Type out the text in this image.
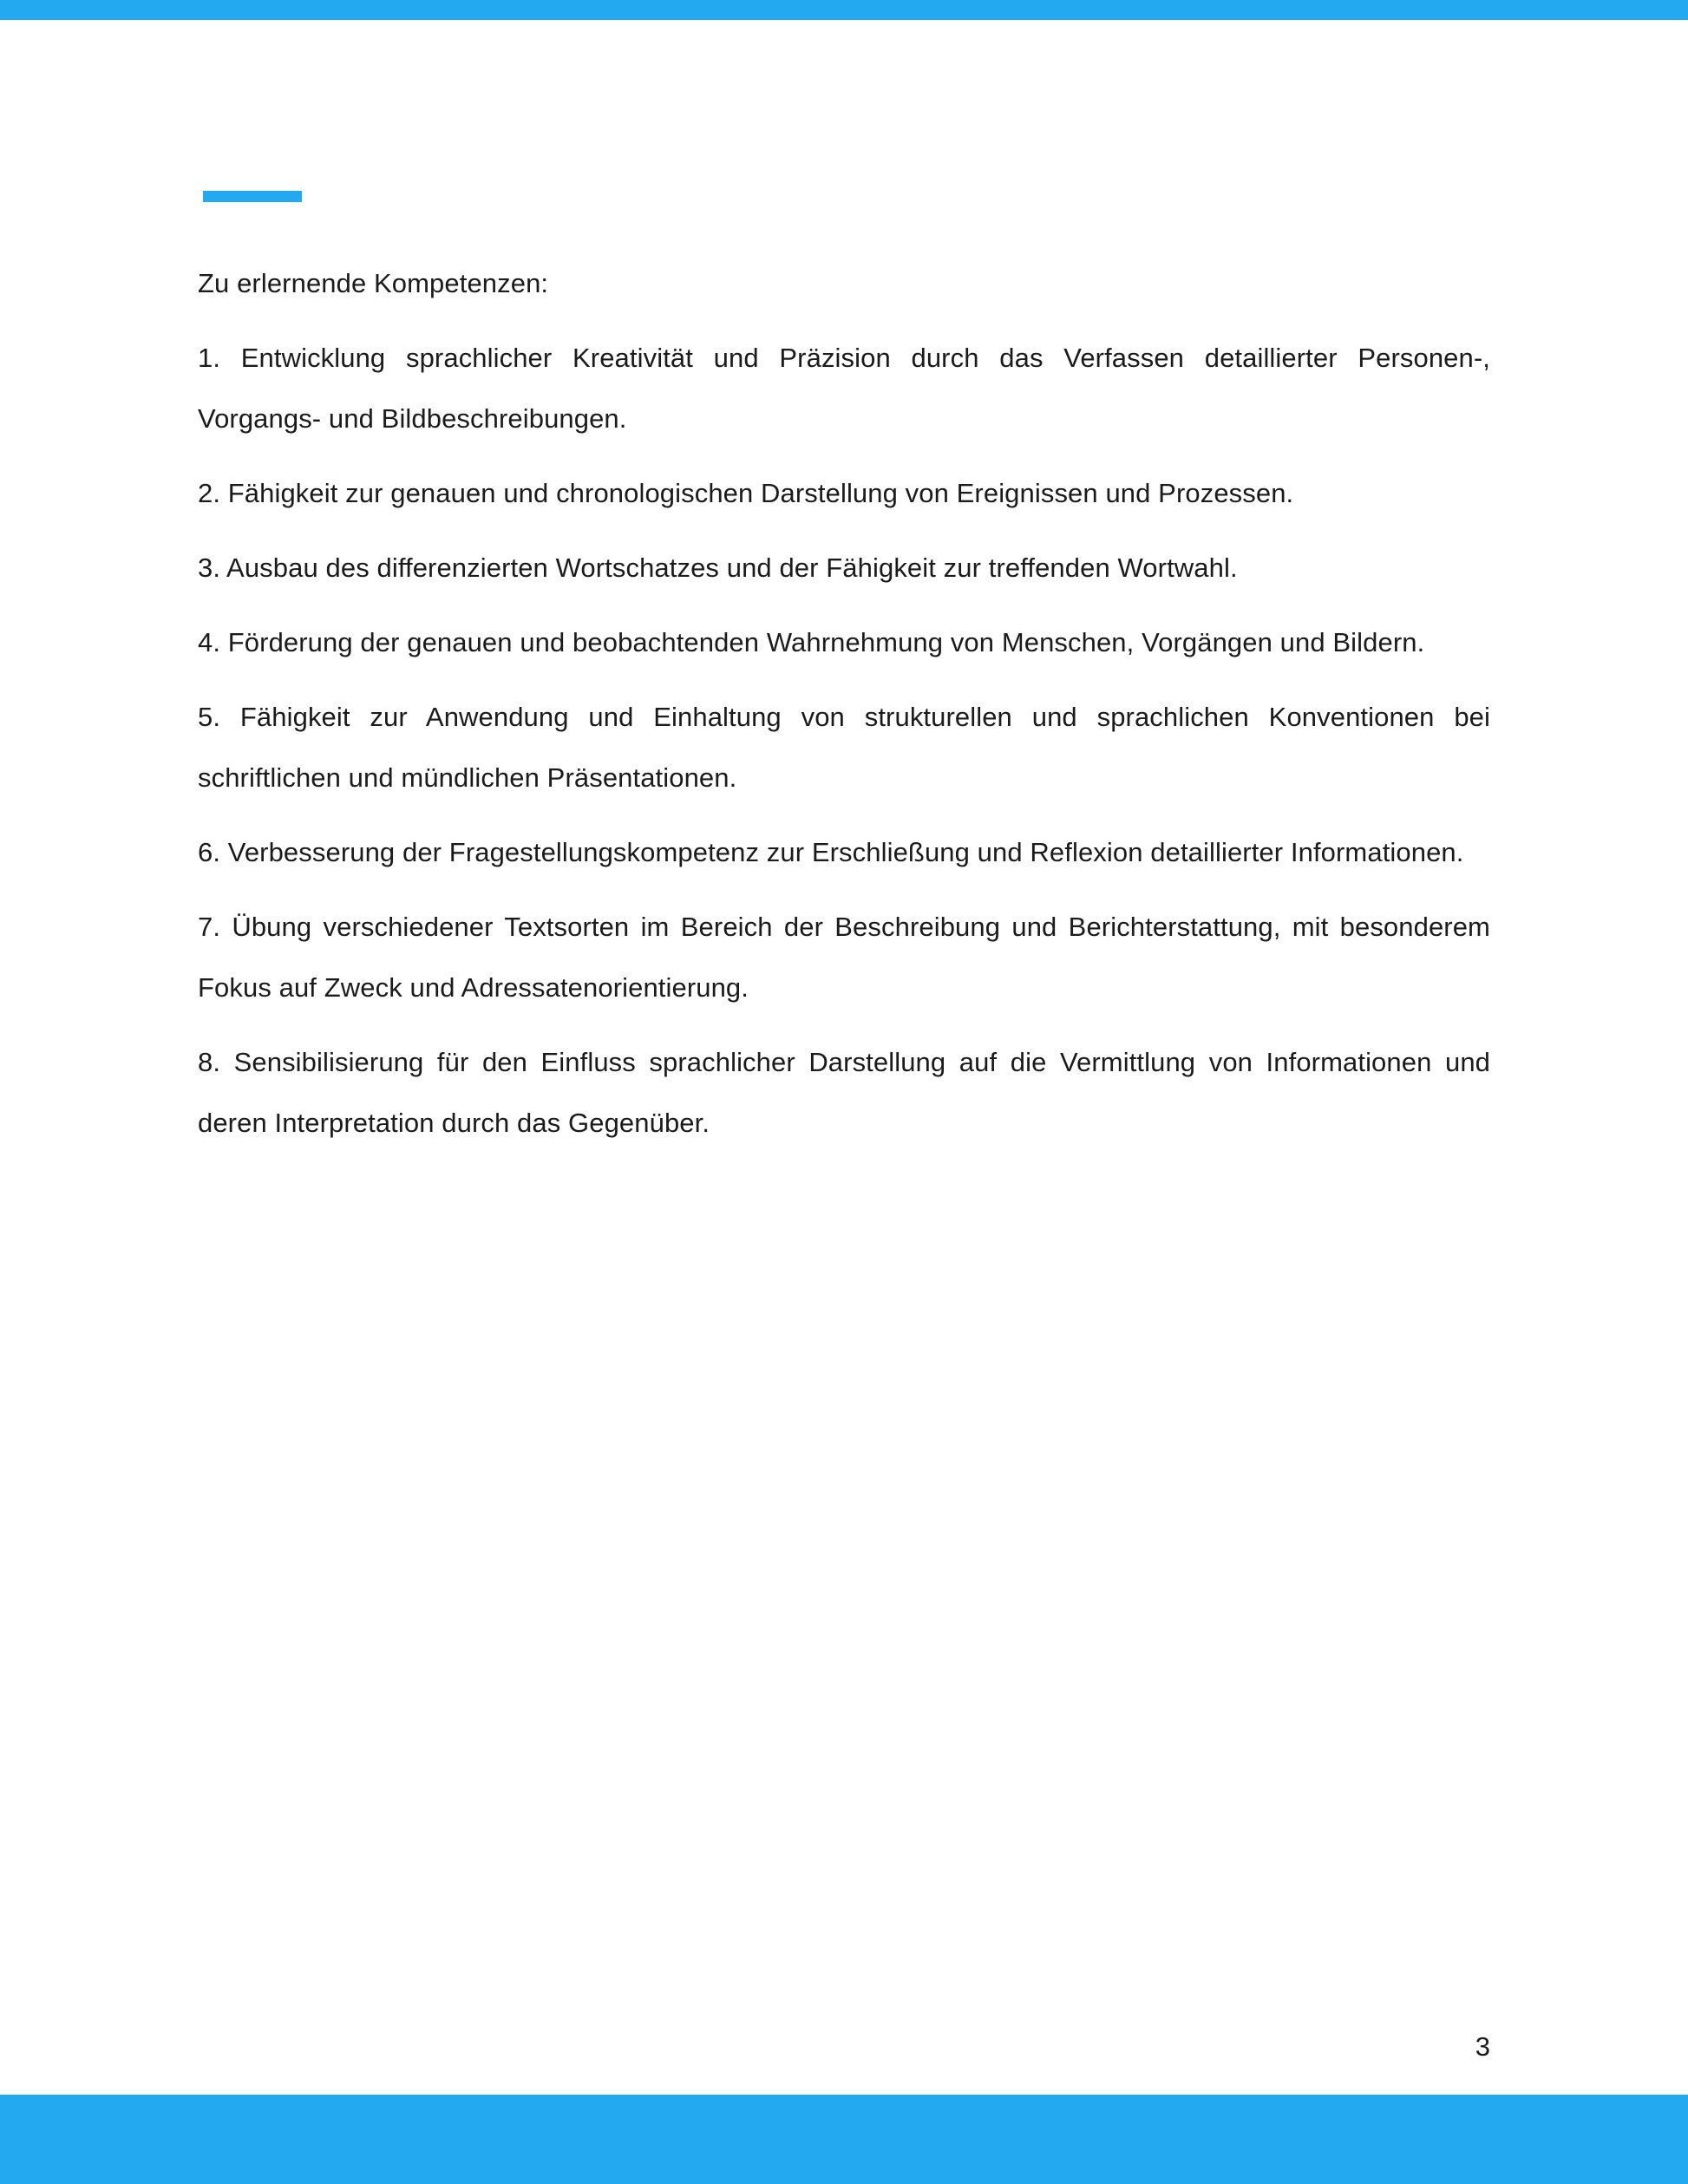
Zu erlernende Kompetenzen:

1. Entwicklung sprachlicher Kreativität und Präzision durch das Verfassen detaillierter Personen-, Vorgangs- und Bildbeschreibungen.

2. Fähigkeit zur genauen und chronologischen Darstellung von Ereignissen und Prozessen.

3. Ausbau des differenzierten Wortschatzes und der Fähigkeit zur treffenden Wortwahl.

4. Förderung der genauen und beobachtenden Wahrnehmung von Menschen, Vorgängen und Bildern.

5. Fähigkeit zur Anwendung und Einhaltung von strukturellen und sprachlichen Konventionen bei schriftlichen und mündlichen Präsentationen.

6. Verbesserung der Fragestellungskompetenz zur Erschließung und Reflexion detaillierter Informationen.

7. Übung verschiedener Textsorten im Bereich der Beschreibung und Berichterstattung, mit besonderem Fokus auf Zweck und Adressatenorientierung.

8. Sensibilisierung für den Einfluss sprachlicher Darstellung auf die Vermittlung von Informationen und deren Interpretation durch das Gegenüber.

3
